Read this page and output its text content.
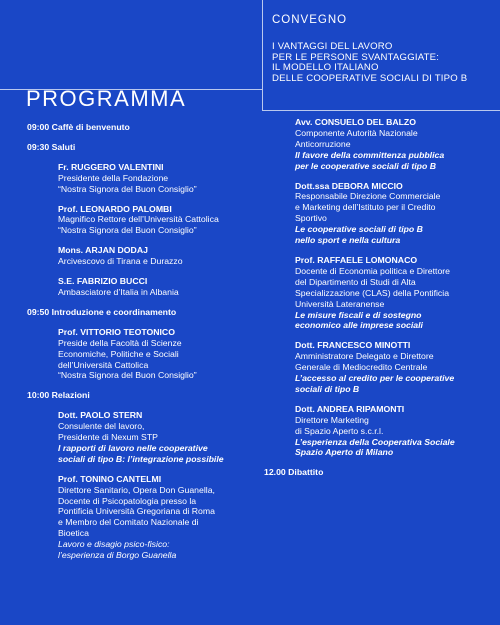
CONVEGNO
I VANTAGGI DEL LAVORO
PER LE PERSONE SVANTAGGIATE:
IL MODELLO ITALIANO
DELLE COOPERATIVE SOCIALI DI TIPO B
PROGRAMMA
09:00 Caffè di benvenuto
09:30 Saluti
Fr. RUGGERO VALENTINI
Presidente della Fondazione
“Nostra Signora del Buon Consiglio”
Prof. LEONARDO PALOMBI
Magnifico Rettore dell’Università Cattolica
“Nostra Signora del Buon Consiglio”
Mons. ARJAN DODAJ
Arcivescovo di Tirana e Durazzo
S.E. FABRIZIO BUCCI
Ambasciatore d’Italia in Albania
09:50 Introduzione e coordinamento
Prof. VITTORIO TEOTONICO
Preside della Facoltà di Scienze
Economiche, Politiche e Sociali
dell’Università Cattolica
“Nostra Signora del Buon Consiglio”
10:00 Relazioni
Dott. PAOLO STERN
Consulente del lavoro,
Presidente di Nexum STP
I rapporti di lavoro nelle cooperative
sociali di tipo B: l’integrazione possibile
Prof. TONINO CANTELMI
Direttore Sanitario, Opera Don Guanella,
Docente di Psicopatologia presso la
Pontificia Università Gregoriana di Roma
e Membro del Comitato Nazionale di
Bioetica
Lavoro e disagio psico-fisico:
l’esperienza di Borgo Guanella
Avv. CONSUELO DEL BALZO
Componente Autorità Nazionale
Anticorruzione
Il favore della committenza pubblica
per le cooperative sociali di tipo B
Dott.ssa DEBORA MICCIO
Responsabile Direzione Commerciale
e Marketing dell’Istituto per il Credito
Sportivo
Le cooperative sociali di tipo B
nello sport e nella cultura
Prof. RAFFAELE LOMONACO
Docente di Economia politica e Direttore
del Dipartimento di Studi di Alta
Specializzazione (CLAS) della Pontificia
Università Lateranense
Le misure fiscali e di sostegno
economico alle imprese sociali
Dott. FRANCESCO MINOTTI
Amministratore Delegato e Direttore
Generale di Mediocredito Centrale
L’accesso al credito per le cooperative
sociali di tipo B
Dott. ANDREA RIPAMONTI
Direttore Marketing
di Spazio Aperto s.c.r.l.
L’esperienza della Cooperativa Sociale
Spazio Aperto di Milano
12.00 Dibattito
